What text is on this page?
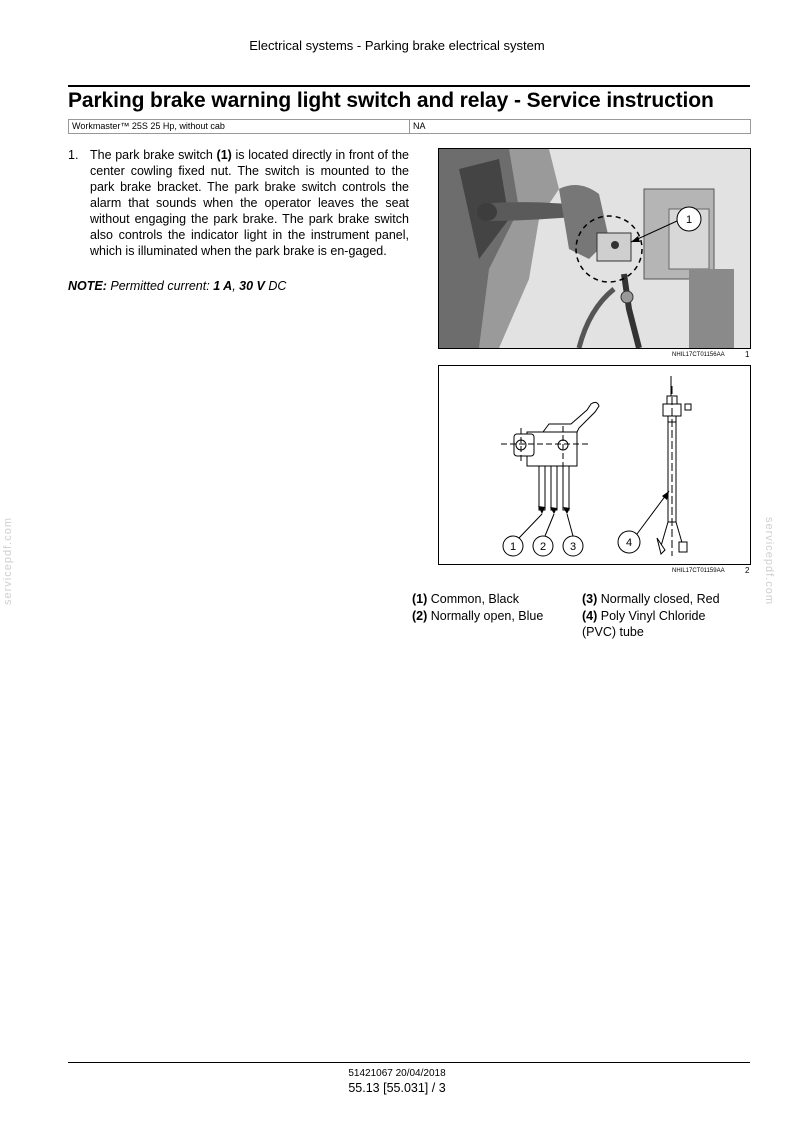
Electrical systems - Parking brake electrical system
Parking brake warning light switch and relay - Service instruction
Workmaster™ 25S 25 Hp, without cab	NA
1. The park brake switch (1) is located directly in front of the center cowling fixed nut. The switch is mounted to the park brake bracket. The park brake switch controls the alarm that sounds when the operator leaves the seat without engaging the park brake. The park brake switch also controls the indicator light in the instrument panel, which is illuminated when the park brake is en-gaged.
NOTE: Permitted current: 1 A, 30 V DC
1
NHIL17CT01156AA	1
1 2 3	4
NHIL17CT01159AA	2
(1) Common, Black
(2) Normally open, Blue
(3) Normally closed, Red
(4) Poly Vinyl Chloride (PVC) tube
servicepdf.com	servicepdf.com
51421067 20/04/2018
55.13 [55.031] / 3
